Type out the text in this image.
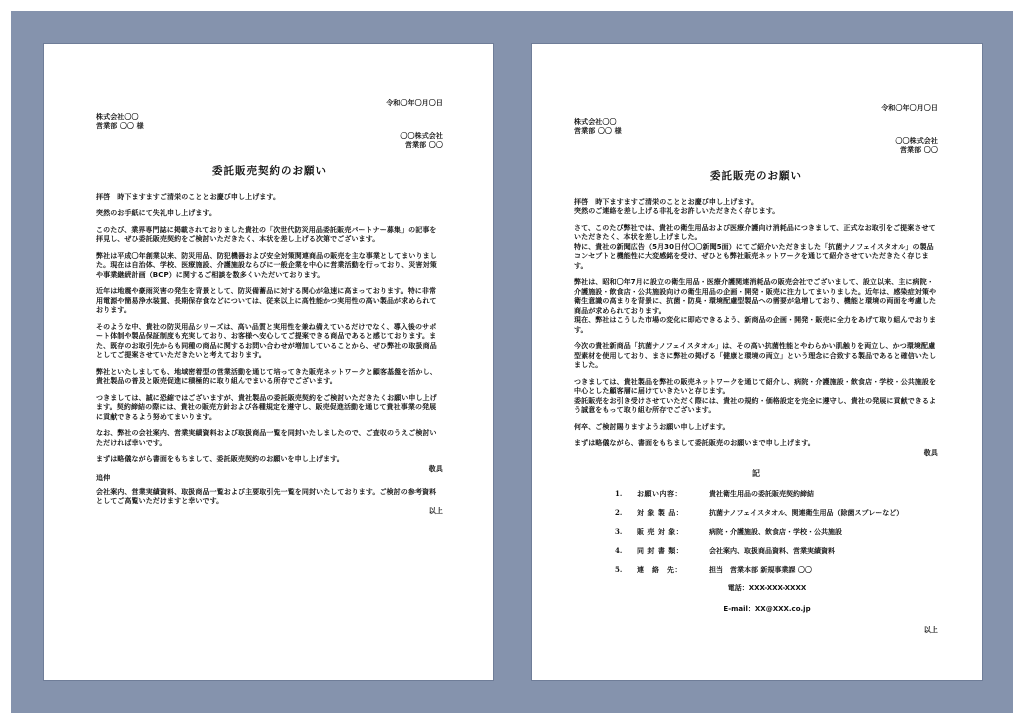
令和〇年〇月〇日

株式会社〇〇

営業部 〇〇 様

〇〇株式会社

営業部 〇〇

委託販売契約のお願い

拝啓　時下ますますご清栄のこととお慶び申し上げます。

突然のお手紙にて失礼申し上げます。

このたび、業界専門誌に掲載されておりました貴社の「次世代防災用品委託販売パートナー募集」の記事を拝見し、ぜひ委託販売契約をご検討いただきたく、本状を差し上げる次第でございます。

弊社は平成〇年創業以来、防災用品、防犯機器および安全対策関連商品の販売を主な事業としてまいりました。現在は自治体、学校、医療施設、介護施設ならびに一般企業を中心に営業活動を行っており、災害対策や事業継続計画（BCP）に関するご相談を数多くいただいております。

近年は地震や豪雨災害の発生を背景として、防災備蓄品に対する関心が急速に高まっております。特に非常用電源や簡易浄水装置、長期保存食などについては、従来以上に高性能かつ実用性の高い製品が求められております。

そのような中、貴社の防災用品シリーズは、高い品質と実用性を兼ね備えているだけでなく、導入後のサポート体制や製品保証制度も充実しており、お客様へ安心してご提案できる商品であると感じております。また、既存のお取引先からも同種の商品に関するお問い合わせが増加していることから、ぜひ弊社の取扱商品としてご提案させていただきたいと考えております。

弊社といたしましても、地域密着型の営業活動を通じて培ってきた販売ネットワークと顧客基盤を活かし、貴社製品の普及と販売促進に積極的に取り組んでまいる所存でございます。

つきましては、誠に恐縮ではございますが、貴社製品の委託販売契約をご検討いただきたくお願い申し上げます。契約締結の際には、貴社の販売方針および各種規定を遵守し、販売促進活動を通じて貴社事業の発展に貢献できるよう努めてまいります。

なお、弊社の会社案内、営業実績資料および取扱商品一覧を同封いたしましたので、ご査収のうえご検討いただければ幸いです。

まずは略儀ながら書面をもちまして、委託販売契約のお願いを申し上げます。

敬具

追伸

会社案内、営業実績資料、取扱商品一覧および主要取引先一覧を同封いたしております。ご検討の参考資料としてご高覧いただけますと幸いです。

以上

令和〇年〇月〇日

株式会社〇〇

営業部 〇〇 様

〇〇株式会社

営業部 〇〇

委託販売のお願い

拝啓　時下ますますご清栄のこととお慶び申し上げます。

突然のご連絡を差し上げる非礼をお許しいただきたく存じます。

さて、このたび弊社では、貴社の衛生用品および医療介護向け消耗品につきまして、正式なお取引をご提案させていただきたく、本状を差し上げました。

特に、貴社の新聞広告（5月30日付〇〇新聞5面）にてご紹介いただきました「抗菌ナノフェイスタオル」の製品コンセプトと機能性に大変感銘を受け、ぜひとも弊社販売ネットワークを通じて紹介させていただきたく存じます。

弊社は、昭和〇年7月に設立の衛生用品・医療介護関連消耗品の販売会社でございまして、設立以来、主に病院・介護施設・飲食店・公共施設向けの衛生用品の企画・開発・販売に注力してまいりました。近年は、感染症対策や衛生意識の高まりを背景に、抗菌・防臭・環境配慮型製品への需要が急増しており、機能と環境の両面を考慮した商品が求められております。

現在、弊社はこうした市場の変化に即応できるよう、新商品の企画・開発・販売に全力をあげて取り組んでおります。

今次の貴社新商品「抗菌ナノフェイスタオル」は、その高い抗菌性能とやわらかい肌触りを両立し、かつ環境配慮型素材を使用しており、まさに弊社の掲げる「健康と環境の両立」という理念に合致する製品であると確信いたしました。

つきましては、貴社製品を弊社の販売ネットワークを通じて紹介し、病院・介護施設・飲食店・学校・公共施設を中心とした顧客層に届けていきたいと存じます。

委託販売をお引き受けさせていただく際には、貴社の規約・価格設定を完全に遵守し、貴社の発展に貢献できるよう誠意をもって取り組む所存でございます。

何卒、ご検討賜りますようお願い申し上げます。

まずは略儀ながら、書面をもちまして委託販売のお願いまで申し上げます。

敬具

記

1.	お願い内容：	貴社衛生用品の委託販売契約締結
2.	対 象 製 品：	抗菌ナノフェイスタオル、関連衛生用品（除菌スプレーなど）
3.	販 売 対 象：	病院・介護施設、飲食店・学校・公共施設
4.	同 封 書 類：	会社案内、取扱商品資料、営業実績資料
5.	連　絡　先：	担当　営業本部 新規事業課 〇〇

電話：XXX-XXX-XXXX

E-mail：XX@XXX.co.jp

以上
